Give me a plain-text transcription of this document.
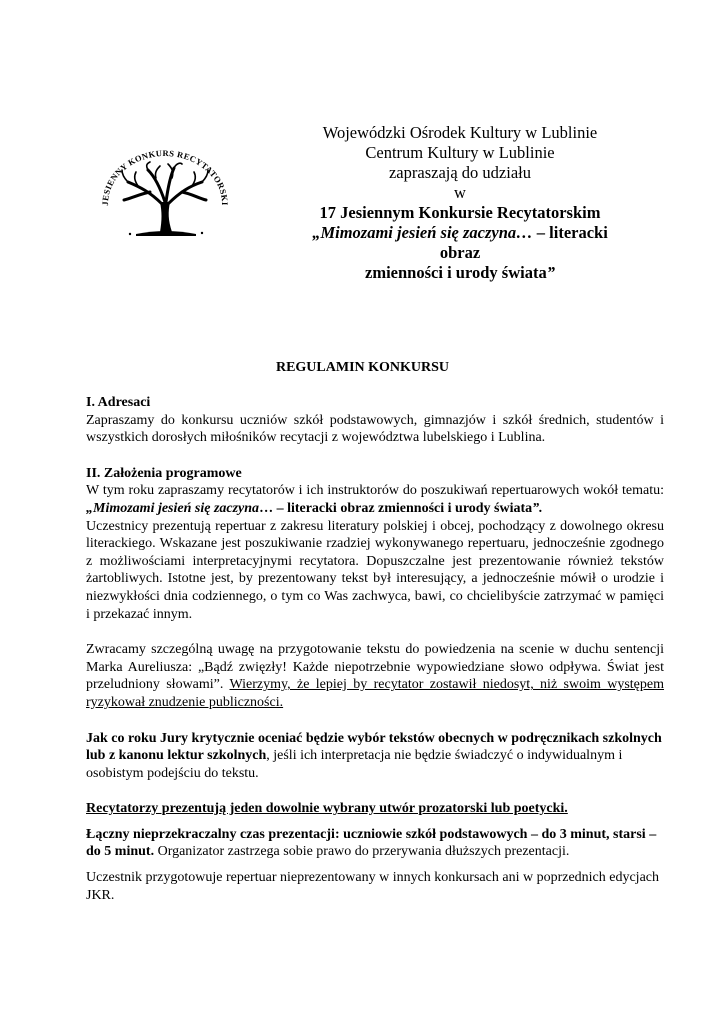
JESIENNY KONKURS RECYTATORSKI
Wojewódzki Ośrodek Kultury w Lublinie
Centrum Kultury w Lublinie
zapraszają do udziału
w
17 Jesiennym Konkursie Recytatorskim
„Mimozami jesień się zaczyna… – literacki obraz
zmienności i urody świata”
REGULAMIN KONKURSU

I. Adresaci

Zapraszamy do konkursu uczniów szkół podstawowych, gimnazjów i szkół średnich, studentów i wszystkich dorosłych miłośników recytacji z województwa lubelskiego i Lublina.

II. Założenia programowe

W tym roku zapraszamy recytatorów i ich instruktorów do poszukiwań repertuarowych wokół tematu: „Mimozami jesień się zaczyna… – literacki obraz zmienności i urody świata”.

Uczestnicy prezentują repertuar z zakresu literatury polskiej i obcej, pochodzący z dowolnego okresu literackiego. Wskazane jest poszukiwanie rzadziej wykonywanego repertuaru, jednocześnie zgodnego z możliwościami interpretacyjnymi recytatora. Dopuszczalne jest prezentowanie również tekstów żartobliwych. Istotne jest, by prezentowany tekst był interesujący, a jednocześnie mówił o urodzie i niezwykłości dnia codziennego, o tym co Was zachwyca, bawi, co chcielibyście zatrzymać w pamięci i przekazać innym.

Zwracamy szczególną uwagę na przygotowanie tekstu do powiedzenia na scenie w duchu sentencji Marka Aureliusza: „Bądź zwięzły! Każde niepotrzebnie wypowiedziane słowo odpływa. Świat jest przeludniony słowami”. Wierzymy, że lepiej by recytator zostawił niedosyt, niż swoim występem ryzykował znudzenie publiczności.

Jak co roku Jury krytycznie oceniać będzie wybór tekstów obecnych w podręcznikach szkolnych lub z kanonu lektur szkolnych, jeśli ich interpretacja nie będzie świadczyć o indywidualnym i osobistym podejściu do tekstu.

Recytatorzy prezentują jeden dowolnie wybrany utwór prozatorski lub poetycki.

Łączny nieprzekraczalny czas prezentacji: uczniowie szkół podstawowych – do 3 minut, starsi – do 5 minut. Organizator zastrzega sobie prawo do przerywania dłuższych prezentacji.

Uczestnik przygotowuje repertuar nieprezentowany w innych konkursach ani w poprzednich edycjach JKR.
